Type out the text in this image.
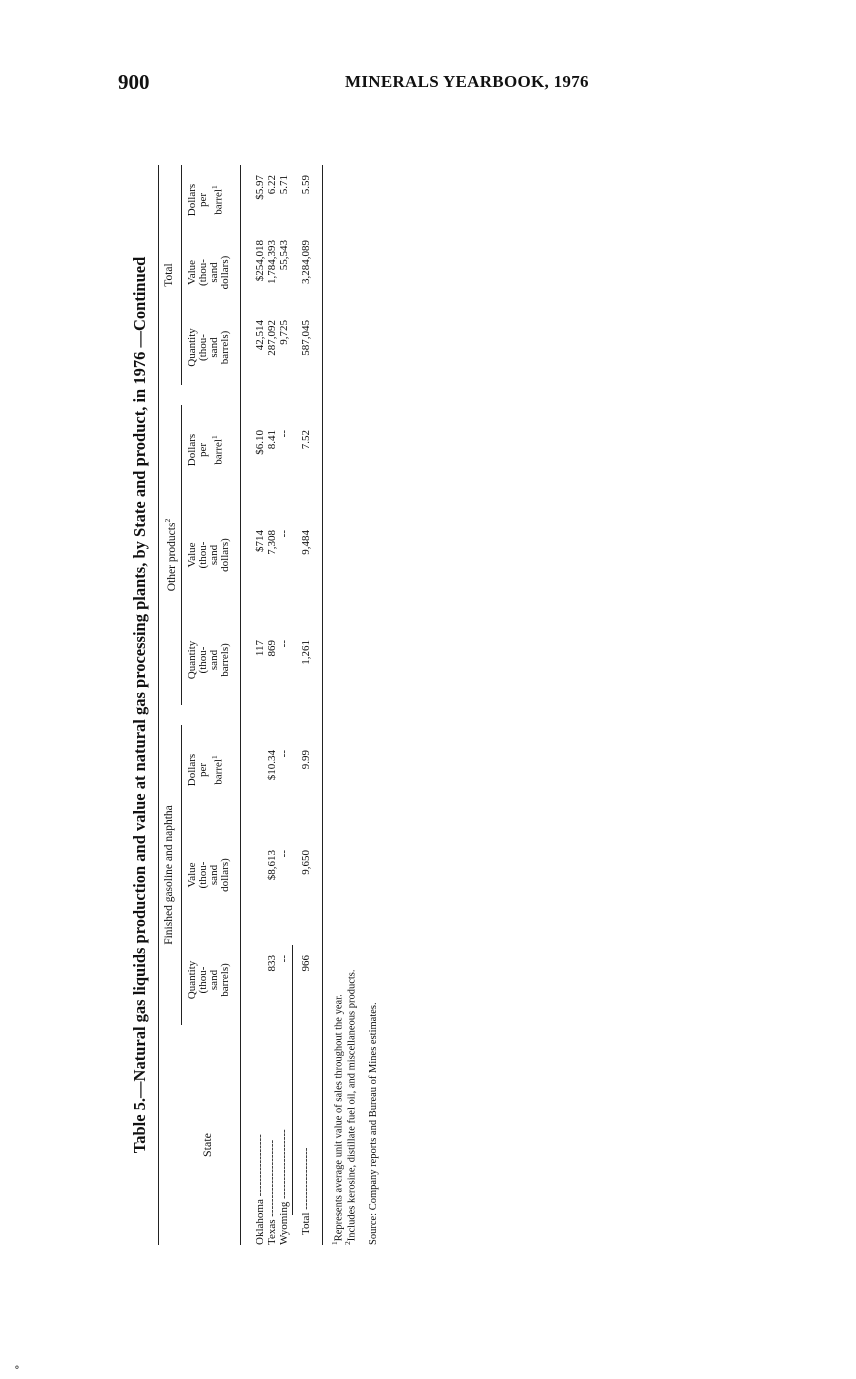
900	MINERALS YEARBOOK, 1976
Table 5.—Natural gas liquids production and value at natural gas processing plants, by State and product, in 1976 —Continued	State
Finished gasoline and naphtha
Other products$^2$
Total
Quantity (thou- sand barrels)
Value (thou- sand dollars)
Dollars per barrel$^1$
Quantity (thou- sand barrels)
Value (thou- sand dollars)
Dollars per barrel$^1$
Quantity (thou- sand barrels)
Value (thou- sand dollars)
Dollars per barrel$^1$
Oklahoma -----------------
117
$714
$6.10
42,514
$254,018
$5.97
Texas ---------------------
833
$8,613
$10.34
869
7,308
8.41
287,092
1,784,393
6.22
Wyoming -------------------
--
--
--
--
--
--
9,725
55,543
5.71
Total -----------------
966
9,650
9.99
1,261
9,484
7.52
587,045
3,284,089
5.59
$^1$Represents average unit value of sales throughout the year.
$^2$Includes kerosine, distillate fuel oil, and miscellaneous products. Source: Company reports and Bureau of Mines estimates.
∘
